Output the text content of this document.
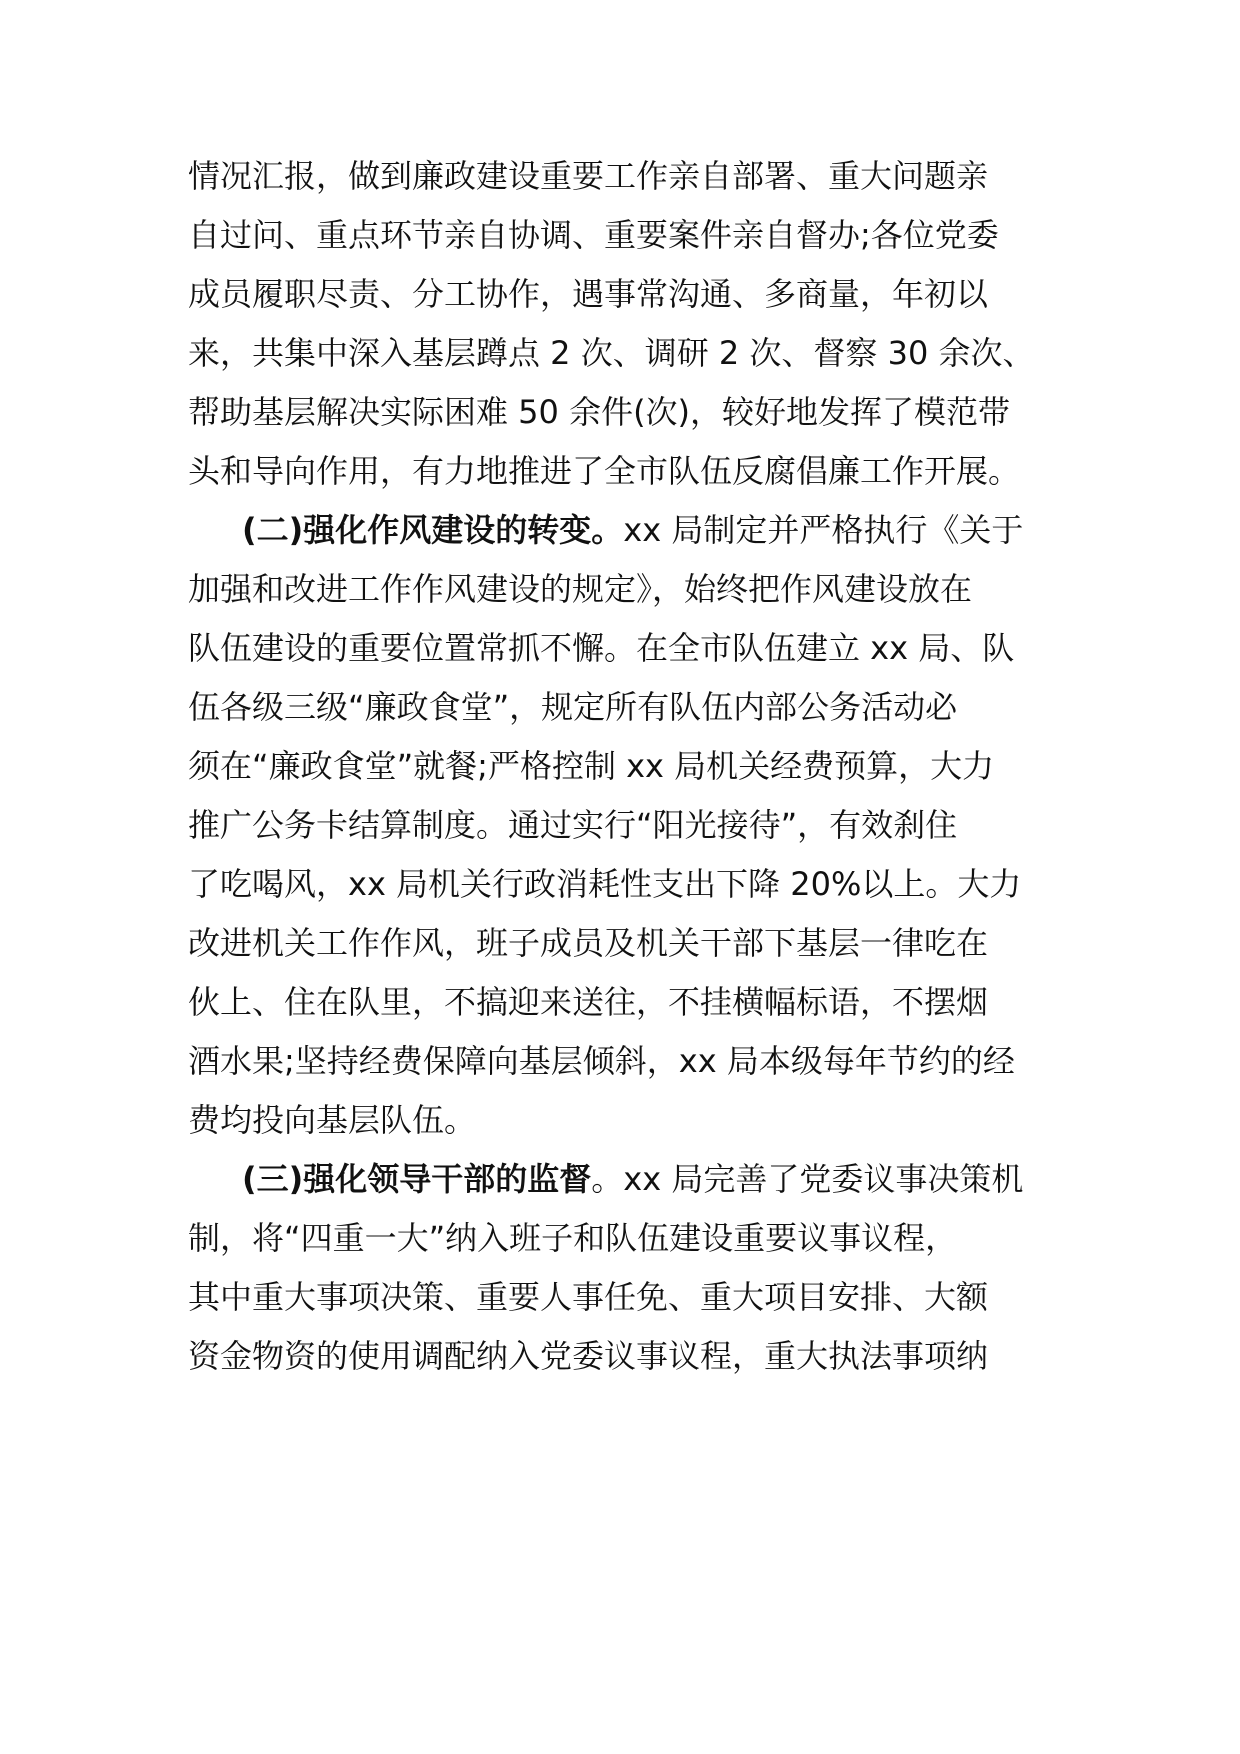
情况汇报，做到廉政建设重要工作亲自部署、重大问题亲
自过问、重点环节亲自协调、重要案件亲自督办;各位党委
成员履职尽责、分工协作，遇事常沟通、多商量，年初以
来，共集中深入基层蹲点 2 次、调研 2 次、督察 30 余次、
帮助基层解决实际困难 50 余件(次)，较好地发挥了模范带
头和导向作用，有力地推进了全市队伍反腐倡廉工作开展。
(二)强化作风建设的转变。xx 局制定并严格执行《关于
加强和改进工作作风建设的规定》，始终把作风建设放在
队伍建设的重要位置常抓不懈。在全市队伍建立 xx 局、队
伍各级三级“廉政食堂”，规定所有队伍内部公务活动必
须在“廉政食堂”就餐;严格控制 xx 局机关经费预算，大力
推广公务卡结算制度。通过实行“阳光接待”，有效刹住
了吃喝风，xx 局机关行政消耗性支出下降 20%以上。大力
改进机关工作作风，班子成员及机关干部下基层一律吃在
伙上、住在队里，不搞迎来送往，不挂横幅标语，不摆烟
酒水果;坚持经费保障向基层倾斜，xx 局本级每年节约的经
费均投向基层队伍。
(三)强化领导干部的监督。xx 局完善了党委议事决策机
制，将“四重一大”纳入班子和队伍建设重要议事议程，
其中重大事项决策、重要人事任免、重大项目安排、大额
资金物资的使用调配纳入党委议事议程，重大执法事项纳
